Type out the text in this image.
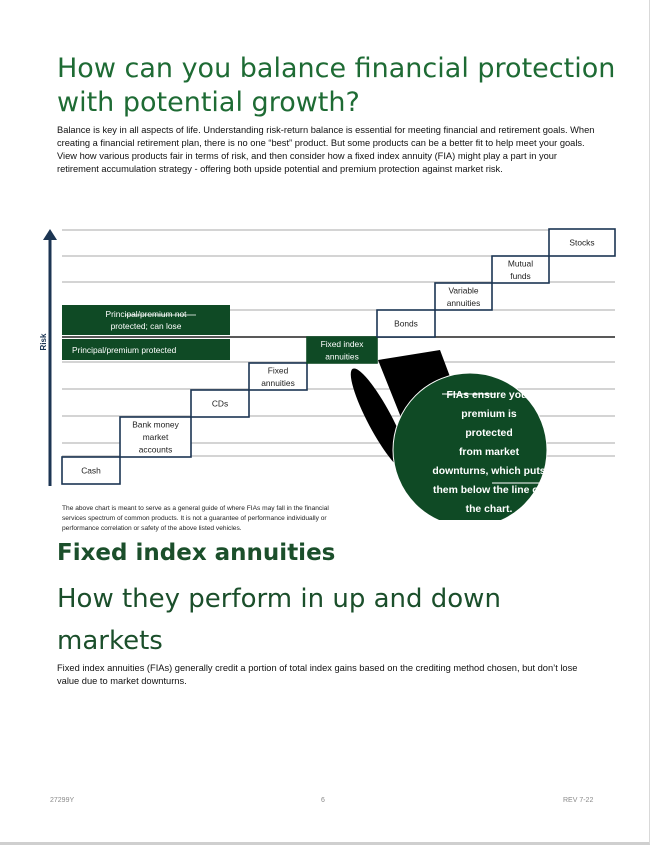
How can you balance financial protection with potential growth?

Balance is key in all aspects of life. Understanding risk-return balance is essential for meeting financial and retirement goals. When creating a financial retirement plan, there is no one “best” product. But some products can be a better fit to help meet your goals. View how various products fair in terms of risk, and then consider how a fixed index annuity (FIA) might play a part in your retirement accumulation strategy - offering both upside potential and premium protection against market risk.

Risk
Principal/premium not
protected; can lose
Principal/premium protected
Cash
Bank money
market
accounts
CDs
Fixed
annuities
Fixed index
annuities
Bonds
Variable
annuities
Mutual
funds
Stocks
FIAs ensure your
premium is
protected
from market
downturns, which puts
them below the line on
the chart.

The above chart is meant to serve as a general guide of where FIAs may fall in the financial services spectrum of common products. It is not a guarantee of performance individually or performance correlation or safety of the above listed vehicles.

Fixed index annuities
How they perform in up and down markets

Fixed index annuities (FIAs) generally credit a portion of total index gains based on the crediting method chosen, but don’t lose value due to market downturns.

27299Y	6	REV 7-22
